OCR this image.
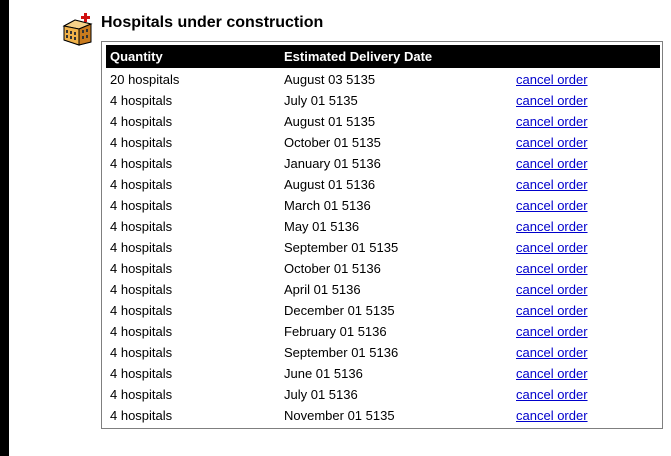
Hospitals under construction
Quantity	Estimated Delivery Date
20 hospitals	August 03 5135	cancel order
4 hospitals	July 01 5135	cancel order
4 hospitals	August 01 5135	cancel order
4 hospitals	October 01 5135	cancel order
4 hospitals	January 01 5136	cancel order
4 hospitals	August 01 5136	cancel order
4 hospitals	March 01 5136	cancel order
4 hospitals	May 01 5136	cancel order
4 hospitals	September 01 5135	cancel order
4 hospitals	October 01 5136	cancel order
4 hospitals	April 01 5136	cancel order
4 hospitals	December 01 5135	cancel order
4 hospitals	February 01 5136	cancel order
4 hospitals	September 01 5136	cancel order
4 hospitals	June 01 5136	cancel order
4 hospitals	July 01 5136	cancel order
4 hospitals	November 01 5135	cancel order
